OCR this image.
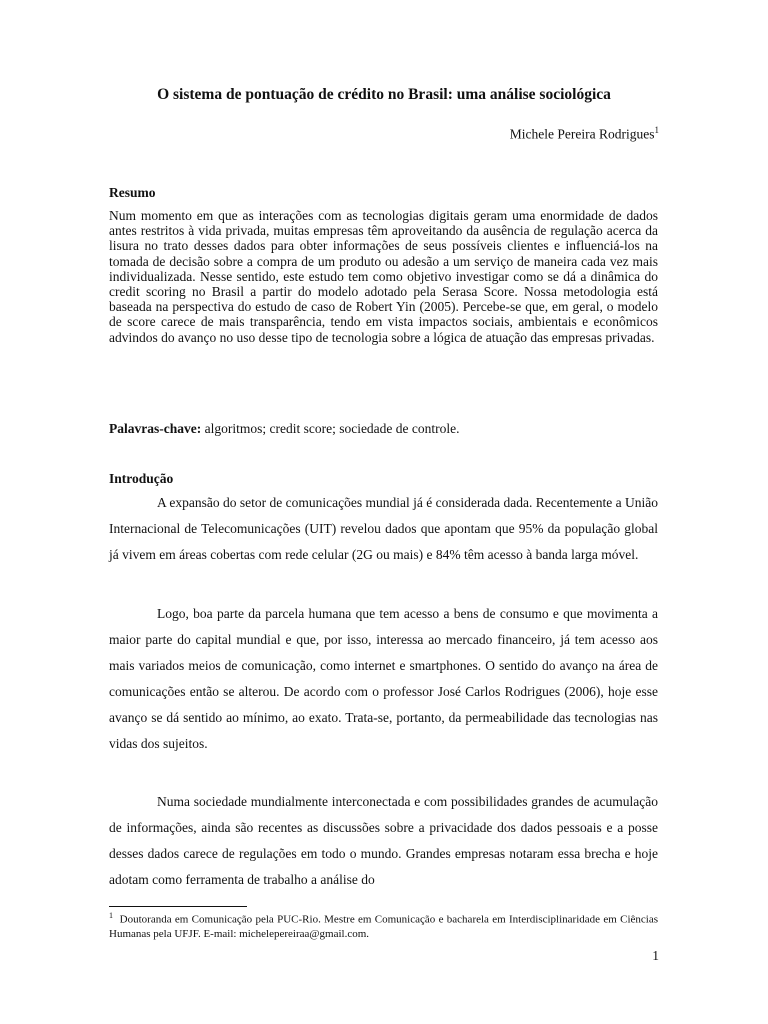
O sistema de pontuação de crédito no Brasil: uma análise sociológica

Michele Pereira Rodrigues$^1$

Resumo

Num momento em que as interações com as tecnologias digitais geram uma enormidade de dados antes restritos à vida privada, muitas empresas têm aproveitando da ausência de regulação acerca da lisura no trato desses dados para obter informações de seus possíveis clientes e influenciá-los na tomada de decisão sobre a compra de um produto ou adesão a um serviço de maneira cada vez mais individualizada. Nesse sentido, este estudo tem como objetivo investigar como se dá a dinâmica do credit scoring no Brasil a partir do modelo adotado pela Serasa Score. Nossa metodologia está baseada na perspectiva do estudo de caso de Robert Yin (2005). Percebe-se que, em geral, o modelo de score carece de mais transparência, tendo em vista impactos sociais, ambientais e econômicos advindos do avanço no uso desse tipo de tecnologia sobre a lógica de atuação das empresas privadas.

Palavras-chave: algoritmos; credit score; sociedade de controle.

Introdução

A expansão do setor de comunicações mundial já é considerada dada. Recentemente a União Internacional de Telecomunicações (UIT) revelou dados que apontam que 95% da população global já vivem em áreas cobertas com rede celular (2G ou mais) e 84% têm acesso à banda larga móvel.

Logo, boa parte da parcela humana que tem acesso a bens de consumo e que movimenta a maior parte do capital mundial e que, por isso, interessa ao mercado financeiro, já tem acesso aos mais variados meios de comunicação, como internet e smartphones. O sentido do avanço na área de comunicações então se alterou. De acordo com o professor José Carlos Rodrigues (2006), hoje esse avanço se dá sentido ao mínimo, ao exato. Trata-se, portanto, da permeabilidade das tecnologias nas vidas dos sujeitos.

Numa sociedade mundialmente interconectada e com possibilidades grandes de acumulação de informações, ainda são recentes as discussões sobre a privacidade dos dados pessoais e a posse desses dados carece de regulações em todo o mundo. Grandes empresas notaram essa brecha e hoje adotam como ferramenta de trabalho a análise do

$^1$ Doutoranda em Comunicação pela PUC-Rio. Mestre em Comunicação e bacharela em Interdisciplinaridade em Ciências Humanas pela UFJF. E-mail: michelepereiraa@gmail.com.

1
